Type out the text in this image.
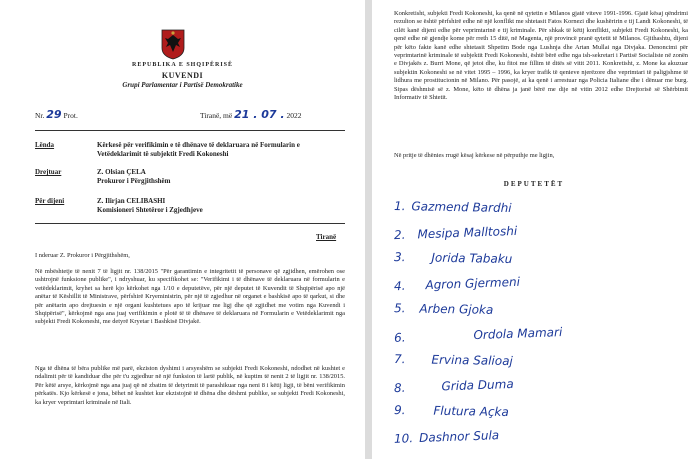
REPUBLIKA E SHQIPËRISË
KUVENDI
Grupi Parlamentar i Partisë Demokratike
Nr. 29 Prot.	Tiranë, më 21 . 07 . 2022
Lënda	Kërkesë për verifikimin e të dhënave të deklaruara në Formularin e Vetëdeklarimit të subjektit Fredi Kokoneshi
Drejtuar	Z. Olsian ÇELA
Prokuror i Përgjithshëm
Për dijeni	Z. Ilirjan CELIBASHI
Komisioneri Shtetëror i Zgjedhjeve
Tiranë
I nderuar Z. Prokuror i Përgjithshëm,
Në mbështetje të nenit 7 të ligjit nr. 138/2015 "Për garantimin e integritetit të personave që zgjidhen, emërohen ose ushtrojnë funksione publike", i ndryshuar, ku specifikohet se: "Verifikimi i të dhënave të deklaruara në formularin e vetëdeklarimit, kryhet sa herë kjo kërkohet nga 1/10 e deputetëve, për një deputet të Kuvendit të Shqipërisë apo një anëtar të Këshillit të Ministrave, përfshirë Kryeministrin, për një të zgjedhur në organet e bashkisë apo të qarkut, si dhe për anëtarin apo drejtuesin e një organi kushtetues apo të krijuar me ligj dhe që zgjidhet me votim nga Kuvendi i Shqipërisë", kërkojmë nga ana juaj verifikimin e plotë të të dhënave të deklaruara në Formularin e Vetëdeklarimit nga subjekti Fredi Kokoneshi, me detyrë Kryetar i Bashkisë Divjakë.
Nga të dhëna të bëra publike më parë, ekziston dyshimi i arsyeshëm se subjekti Fredi Kokoneshi, ndodhet në kushtet e ndalimit për të kandiduar dhe për t'u zgjedhur në një funksion të lartë publik, në kuptim të nenit 2 të ligjit nr. 138/2015. Për këtë arsye, kërkojmë nga ana juaj që në zbatim të detyrimit të parashikuar nga neni 8 i këtij ligji, të bëni verifikimin përkatës. Kjo kërkesë e jona, bëhet në kushtet kur ekzistojnë të dhëna dhe dëshmi publike, se subjekti Fredi Kokoneshi, ka kryer veprimtari kriminale në Itali.
Konkretisht, subjekti Fredi Kokoneshi, ka qenë në qytetin e Milanos gjatë viteve 1991-1996. Gjatë kësaj qëndrimi rezulton se është përfshirë edhe në një konflikt me shtetasit Fatos Kornezi dhe kushëririn e tij Landi Kokoneshi, të cilët kanë dijeni edhe për veprimtarinë e tij kriminale. Për shkak të këtij konflikti, subjekti Fredi Kokoneshi, ka qenë edhe në gjendje kome për rreth 15 ditë, në Magenta, një provincë pranë qytetit të Milanos. Gjithashtu, dijeni për këto fakte kanë edhe shtetasit Shpetim Bode nga Lushnja dhe Artan Mullai nga Divjaka. Denoncimi për veprimtarinë kriminale të subjektit Fredi Kokoneshi, është bërë edhe nga ish-sekretari i Partisë Socialiste në zonën e Divjakës z. Burri Mone, që jetoi dhe, ku fitoi me fillim të ditës së vitit 2011. Konkretisht, z. Mone ka akuzuar subjektin Kokoneshi se në vitet 1995 – 1996, ka kryer trafik të qenieve njerëzore dhe veprimtari të paligjshme të lidhura me prostitucionin në Milano. Për pasojë, ai ka qenë i arrestuar nga Policia Italiane dhe i dënuar me burg. Sipas dëshmisë së z. Mone, këto të dhëna ja janë bërë me dije në vitin 2012 edhe Drejtorisë së Shërbimit Informativ të Shtetit.
Në pritje të dhënies rrugë kësaj kërkese në përputhje me ligjin,
DEPUTETËT
1. Gazmend Bardhi
2. Mesipa Malltoshi
3. Jorida Tabaku
4. Agron Gjermeni
5. Arben Gjoka
6.	Ordola Mamari
7. Ervina Salioaj
8.	Grida Duma
9. Flutura Açka
10. Dashnor Sula
